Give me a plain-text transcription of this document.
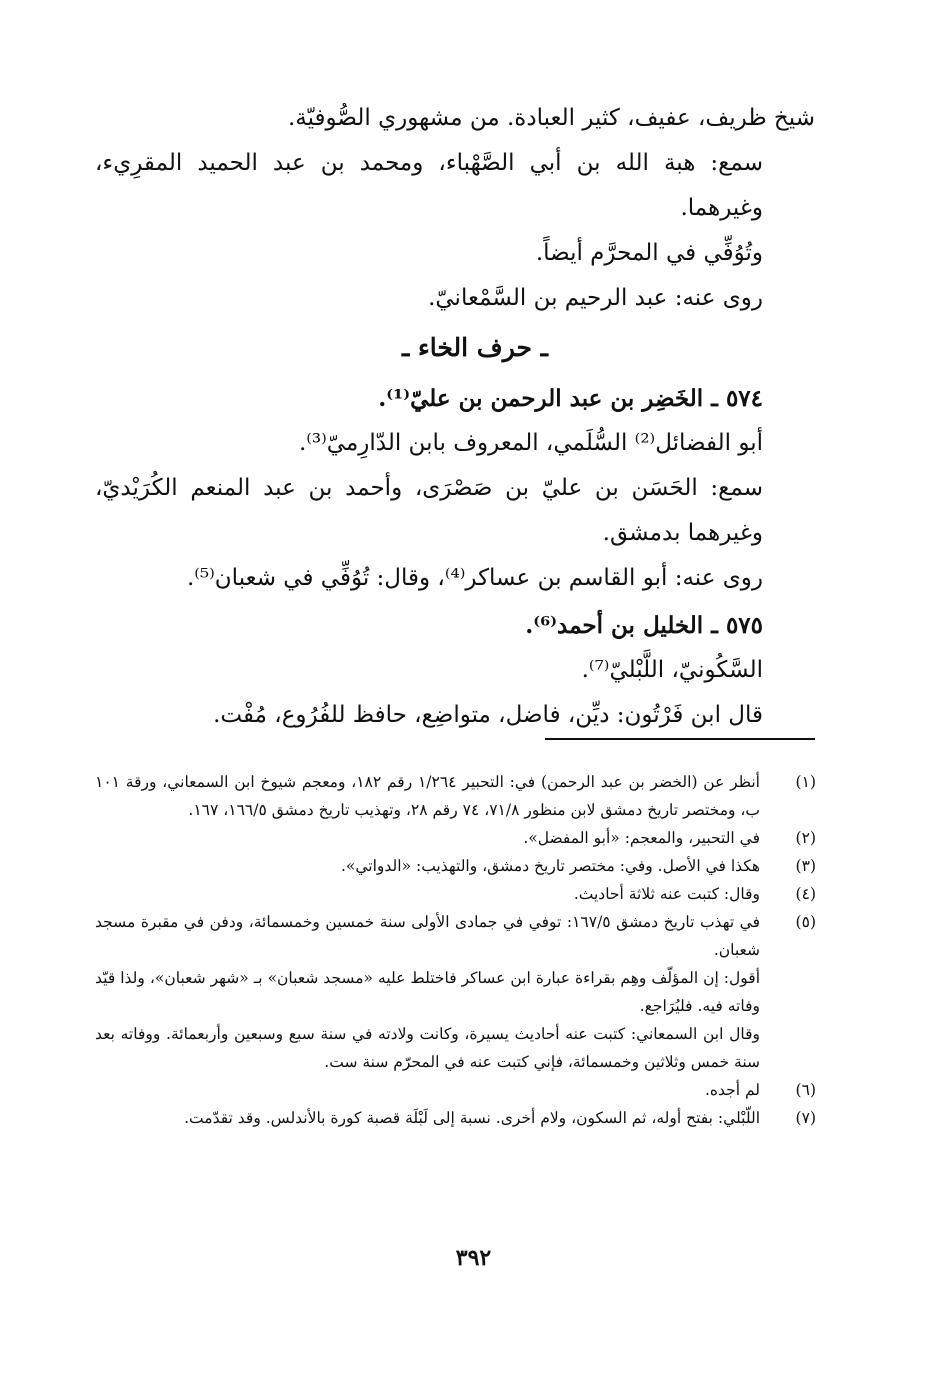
شيخ ظريف، عفيف، كثير العبادة. من مشهوري الصُّوفيّة.

سمع: هبة الله بن أبي الصَّهْباء، ومحمد بن عبد الحميد المقرِيء، وغيرهما.

وتُوُفِّي في المحرَّم أيضاً.

روى عنه: عبد الرحيم بن السَّمْعانيّ.

ـ حرف الخاء ـ

٥٧٤ ـ الخَضِر بن عبد الرحمن بن عليّ⁽¹⁾.

أبو الفضائل⁽²⁾ السُّلَمي، المعروف بابن الدّارِميّ⁽³⁾.

سمع: الحَسَن بن عليّ بن صَصْرَى، وأحمد بن عبد المنعم الكُرَيْديّ، وغيرهما بدمشق.

روى عنه: أبو القاسم بن عساكر⁽⁴⁾، وقال: تُوُفِّي في شعبان⁽⁵⁾.

٥٧٥ ـ الخليل بن أحمد⁽⁶⁾.

السَّكُونيّ، اللَّبْليّ⁽⁷⁾.

قال ابن فَرْتُون: ديِّن، فاضل، متواضِع، حافظ للفُرُوع، مُفْت.

(١)
أنظر عن (الخضر بن عبد الرحمن) في: التحبير ١/٢٦٤ رقم ١٨٢، ومعجم شيوخ ابن السمعاني، ورقة ١٠١ ب، ومختصر تاريخ دمشق لابن منظور ٧١/٨، ٧٤ رقم ٢٨، وتهذيب تاريخ دمشق ١٦٦/٥، ١٦٧.
(٢)
في التحبير، والمعجم: «أبو المفضل».
(٣)
هكذا في الأصل. وفي: مختصر تاريخ دمشق، والتهذيب: «الدواتي».
(٤)
وقال: كتبت عنه ثلاثة أحاديث.
(٥)
في تهذب تاريخ دمشق ١٦٧/٥: توفي في جمادى الأولى سنة خمسين وخمسمائة، ودفن في مقبرة مسجد شعبان.
أقول: إن المؤلّف وهِم بقراءة عبارة ابن عساكر فاختلط عليه «مسجد شعبان» بـ «شهر شعبان»، ولذا قيّد وفاته فيه. فليُرَاجع.
وقال ابن السمعاني: كتبت عنه أحاديث يسيرة، وكانت ولادته في سنة سبع وسبعين وأربعمائة. ووفاته بعد سنة خمس وثلاثين وخمسمائة، فإني كتبت عنه في المحرّم سنة ست.
(٦)
لم أجده.
(٧)
اللّبْلي: بفتح أوله، ثم السكون، ولام أخرى. نسبة إلى لَبْلَة قصبة كورة بالأندلس. وقد تقدّمت.
٣٩٢
